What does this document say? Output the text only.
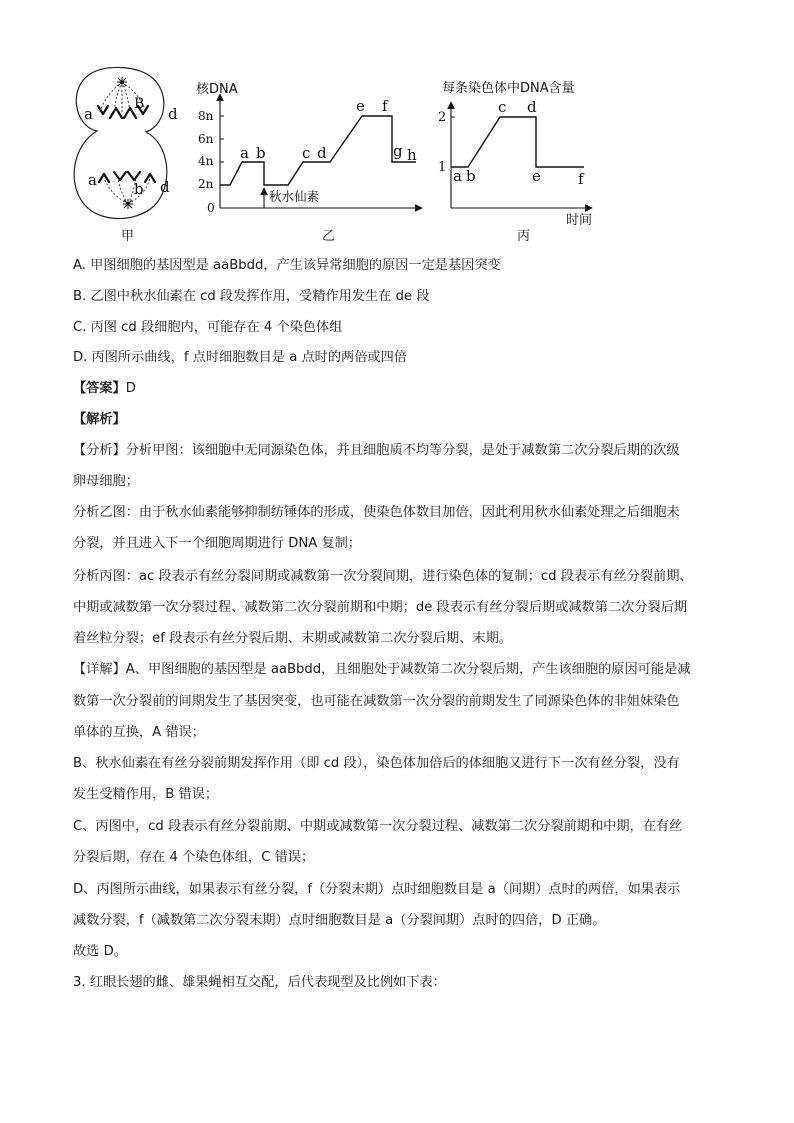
a
B
d
a b d
甲
核DNA
8n
6n
4n
2n
0
a b c d
e f
g h
秋水仙素
乙
每条染色体中DNA含量
2
1 a b
c d
e f
时间
丙
A. 甲图细胞的基因型是 aaBbdd，产生该异常细胞的原因一定是基因突变
B. 乙图中秋水仙素在 cd 段发挥作用，受精作用发生在 de 段
C. 丙图 cd 段细胞内，可能存在 4 个染色体组
D. 丙图所示曲线，f 点时细胞数目是 a 点时的两倍或四倍
【答案】D
【解析】
【分析】分析甲图：该细胞中无同源染色体，并且细胞质不均等分裂，是处于减数第二次分裂后期的次级
卵母细胞；
分析乙图：由于秋水仙素能够抑制纺锤体的形成，使染色体数目加倍，因此利用秋水仙素处理之后细胞未
分裂，并且进入下一个细胞周期进行 DNA 复制；
分析丙图：ac 段表示有丝分裂间期或减数第一次分裂间期，进行染色体的复制；cd 段表示有丝分裂前期、
中期或减数第一次分裂过程、减数第二次分裂前期和中期；de 段表示有丝分裂后期或减数第二次分裂后期
着丝粒分裂；ef 段表示有丝分裂后期、末期或减数第二次分裂后期、末期。
【详解】A、甲图细胞的基因型是 aaBbdd，且细胞处于减数第二次分裂后期，产生该细胞的原因可能是减
数第一次分裂前的间期发生了基因突变，也可能在减数第一次分裂的前期发生了同源染色体的非姐妹染色
单体的互换，A 错误；
B、秋水仙素在有丝分裂前期发挥作用（即 cd 段），染色体加倍后的体细胞又进行下一次有丝分裂，没有
发生受精作用，B 错误；
C、丙图中，cd 段表示有丝分裂前期、中期或减数第一次分裂过程、减数第二次分裂前期和中期，在有丝
分裂后期，存在 4 个染色体组，C 错误；
D、丙图所示曲线，如果表示有丝分裂，f（分裂末期）点时细胞数目是 a（间期）点时的两倍，如果表示
减数分裂，f（减数第二次分裂末期）点时细胞数目是 a（分裂间期）点时的四倍，D 正确。
故选 D。
3. 红眼长翅的雌、雄果蝇相互交配，后代表现型及比例如下表：
